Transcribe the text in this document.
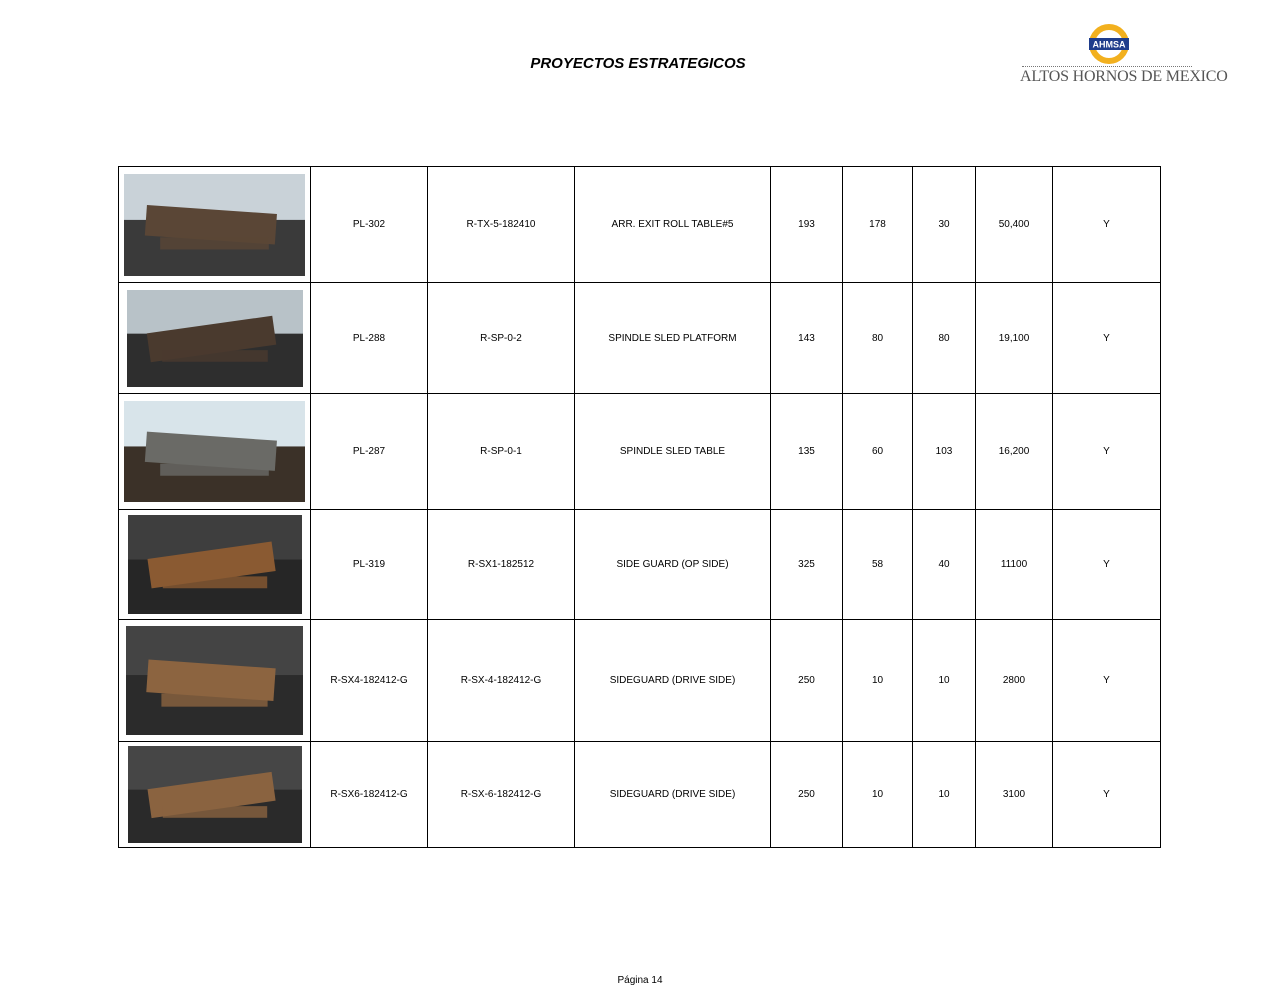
PROYECTOS ESTRATEGICOS
AHMSA
ALTOS HORNOS DE MEXICO
	PL-302	R-TX-5-182410	ARR. EXIT ROLL TABLE#5	193	178	30	50,400	Y

	PL-288	R-SP-0-2	SPINDLE SLED PLATFORM	143	80	80	19,100	Y

	PL-287	R-SP-0-1	SPINDLE SLED TABLE	135	60	103	16,200	Y

	PL-319	R-SX1-182512	SIDE GUARD (OP SIDE)	325	58	40	11100	Y

	R-SX4-182412-G	R-SX-4-182412-G	SIDEGUARD (DRIVE SIDE)	250	10	10	2800	Y

	R-SX6-182412-G	R-SX-6-182412-G	SIDEGUARD (DRIVE SIDE)	250	10	10	3100	Y
Página 14
